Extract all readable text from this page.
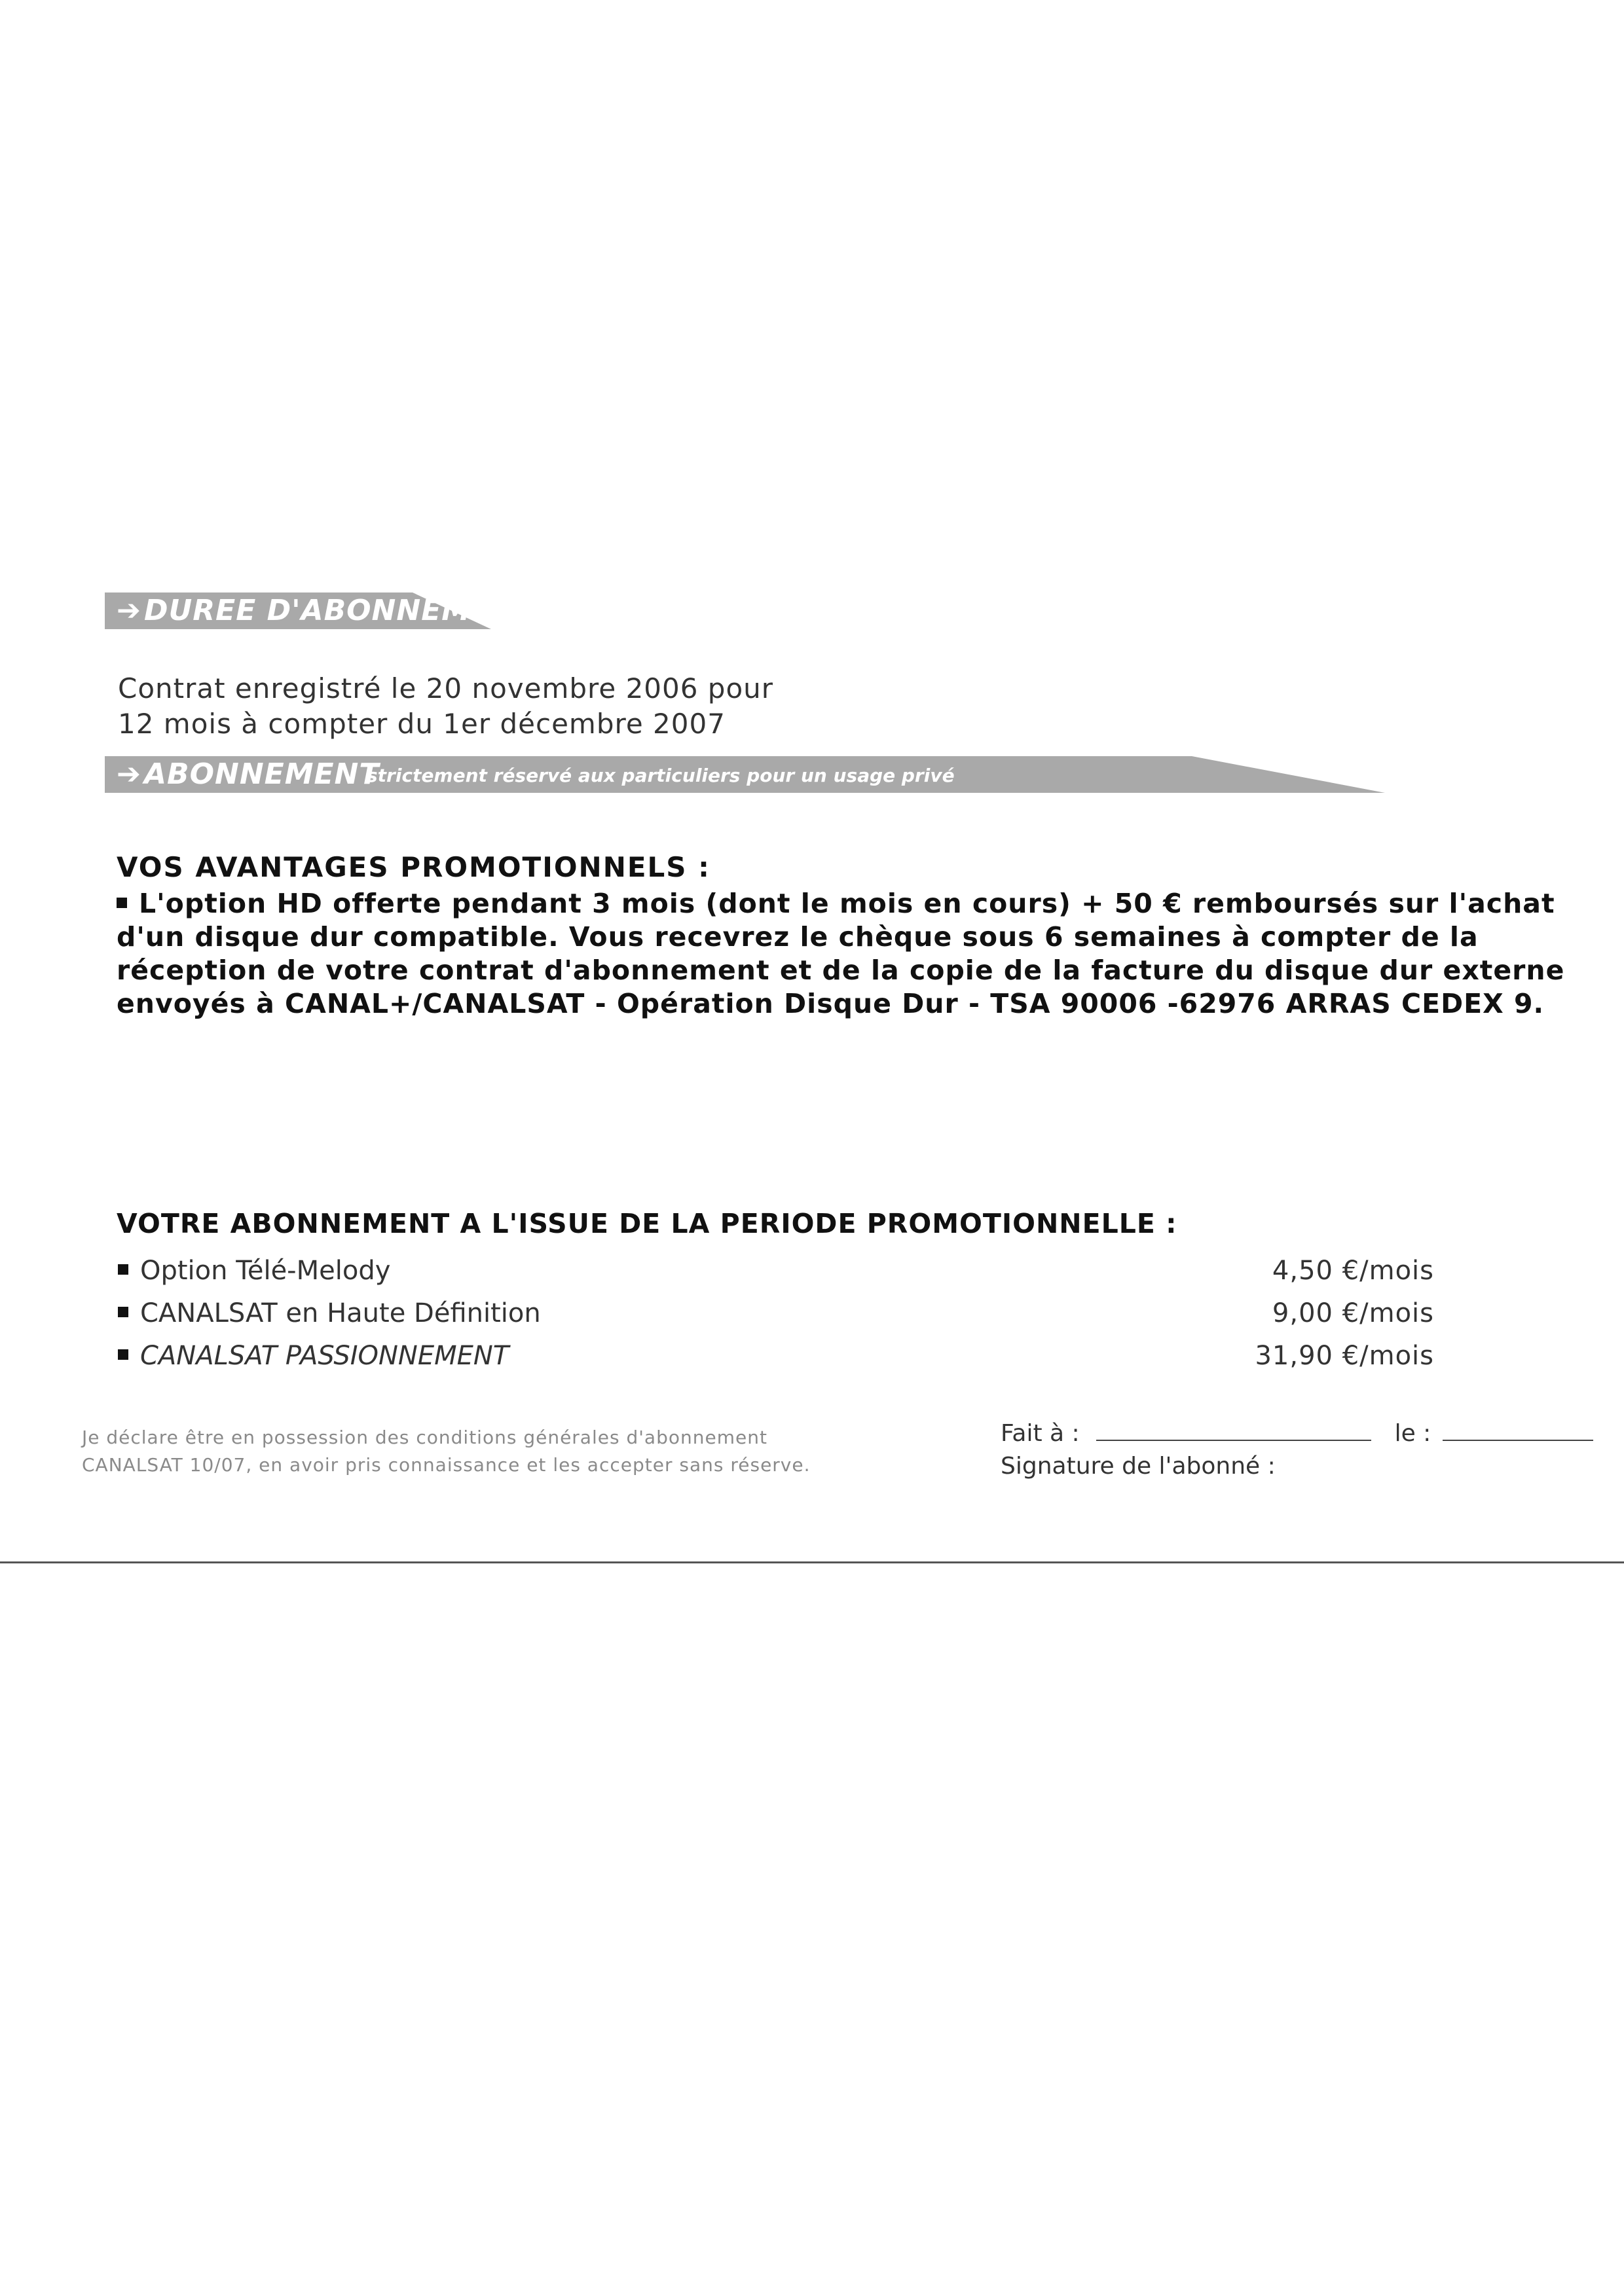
➔ DUREE D'ABONNEM...
Contrat enregistré le 20 novembre 2006 pour
12 mois à compter du 1er décembre 2007
➔ ABONNEMENT
strictement réservé aux particuliers pour un usage privé
VOS AVANTAGES PROMOTIONNELS :
L'option HD offerte pendant 3 mois (dont le mois en cours) + 50 € remboursés sur l'achat
d'un disque dur compatible. Vous recevrez le chèque sous 6 semaines à compter de la
réception de votre contrat d'abonnement et de la copie de la facture du disque dur externe
envoyés à CANAL+/CANALSAT - Opération Disque Dur - TSA 90006 -62976 ARRAS CEDEX 9.
VOTRE ABONNEMENT A L'ISSUE DE LA PERIODE PROMOTIONNELLE :
Option Télé-Melody	4,50 €/mois
CANALSAT en Haute Définition	9,00 €/mois
CANALSAT PASSIONNEMENT	31,90 €/mois
Je déclare être en possession des conditions générales d'abonnement
CANALSAT 10/07, en avoir pris connaissance et les accepter sans réserve.
Fait à :	le :
Signature de l'abonné :
